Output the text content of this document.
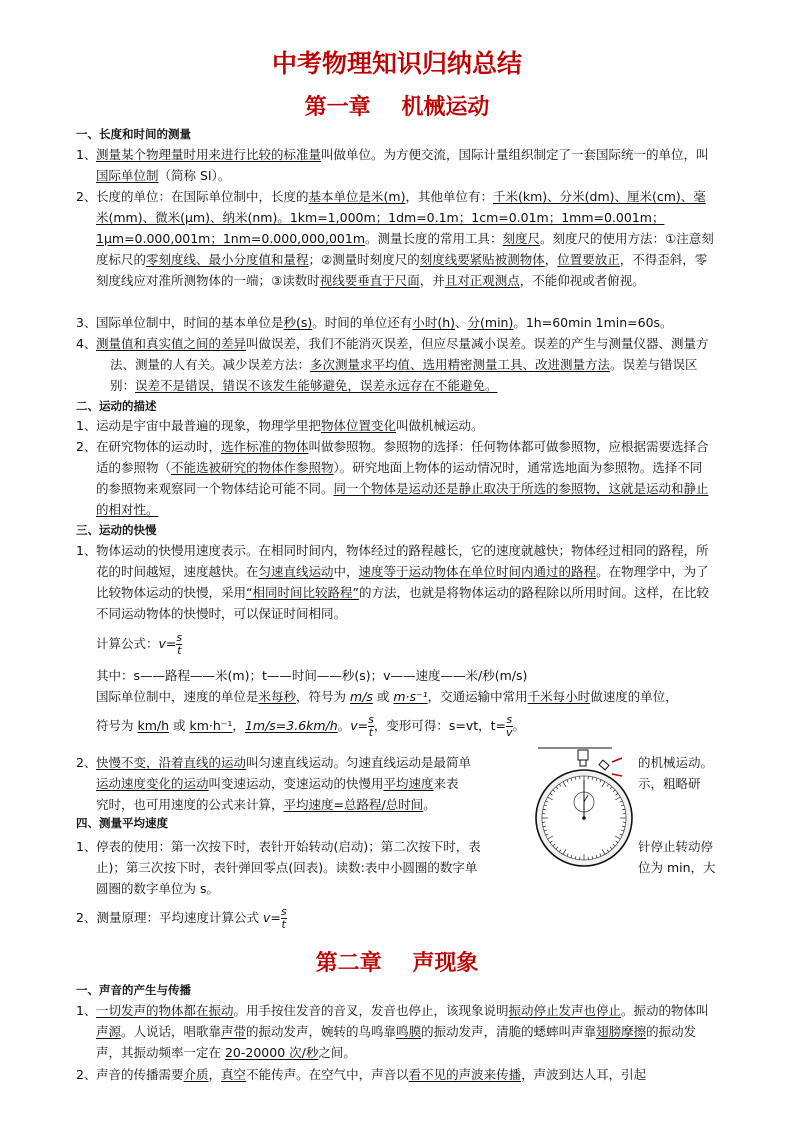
中考物理知识归纳总结
第一章 机械运动
一、长度和时间的测量
1、 测量某个物理量时用来进行比较的标准量叫做单位。为方便交流，国际计量组织制定了一套国际统一的单位，叫国际单位制（简称 SI）。
2、 长度的单位：在国际单位制中，长度的基本单位是米(m)，其他单位有：千米(km)、分米(dm)、厘米(cm)、毫米(mm)、微米(μm)、纳米(nm)。1km=1,000m；1dm=0.1m；1cm=0.01m；1mm=0.001m；1μm=0.000,001m；1nm=0.000,000,001m。测量长度的常用工具：刻度尺。刻度尺的使用方法：①注意刻度标尺的零刻度线、最小分度值和量程；②测量时刻度尺的刻度线要紧贴被测物体，位置要放正，不得歪斜，零刻度线应对准所测物体的一端；③读数时视线要垂直于尺面，并且对正观测点，不能仰视或者俯视。
3、 国际单位制中，时间的基本单位是秒(s)。时间的单位还有小时(h)、分(min)。1h=60min 1min=60s。
4、 测量值和真实值之间的差异叫做误差，我们不能消灭误差，但应尽量减小误差。误差的产生与测量仪器、测量方法、测量的人有关。减少误差方法：多次测量求平均值、选用精密测量工具、改进测量方法。误差与错误区别：误差不是错误，错误不该发生能够避免，误差永远存在不能避免。
二、运动的描述
1、 运动是宇宙中最普遍的现象，物理学里把物体位置变化叫做机械运动。
2、 在研究物体的运动时，选作标准的物体叫做参照物。参照物的选择：任何物体都可做参照物，应根据需要选择合适的参照物（不能选被研究的物体作参照物）。研究地面上物体的运动情况时，通常选地面为参照物。选择不同的参照物来观察同一个物体结论可能不同。同一个物体是运动还是静止取决于所选的参照物，这就是运动和静止的相对性。
三、运动的快慢
1、 物体运动的快慢用速度表示。在相同时间内，物体经过的路程越长，它的速度就越快；物体经过相同的路程，所花的时间越短，速度越快。在匀速直线运动中，速度等于运动物体在单位时间内通过的路程。在物理学中，为了比较物体运动的快慢，采用“相同时间比较路程”的方法，也就是将物体运动的路程除以所用时间。这样，在比较不同运动物体的快慢时，可以保证时间相同。
计算公式：$v= \frac{s}{t}$
其中：s——路程——米(m)；t——时间——秒(s)；v——速度——米/秒(m/s)
国际单位制中，速度的单位是米每秒，符号为 m/s 或 m·s⁻¹，交通运输中常用千米每小时做速度的单位，
符号为 km/h 或 km·h⁻¹，1m/s=3.6km/h。$v= \frac{s}{t}$ ，变形可得：s=vt，$t= \frac{s}{v}$ 。
2、 快慢不变，沿着直线的运动叫匀速直线运动。匀速直线运动是最简单
运动速度变化的运动叫变速运动，变速运动的快慢用平均速度来表
究时，也可用速度的公式来计算，平均速度=总路程/总时间。
的机械运动。
示，粗略研
四、测量平均速度
1、 停表的使用：第一次按下时，表针开始转动(启动)；第二次按下时，表
止)；第三次按下时，表针弹回零点(回表)。读数:表中小圆圈的数字单
圆圈的数字单位为 s。
针停止转动停
位为 min，大
2、测量原理：平均速度计算公式 $v= \frac{s}{t}$
第二章 声现象
一、声音的产生与传播
1、 一切发声的物体都在振动。用手按住发音的音叉，发音也停止，该现象说明振动停止发声也停止。振动的物体叫声源。人说话，唱歌靠声带的振动发声，婉转的鸟鸣靠鸣膜的振动发声，清脆的蟋蟀叫声靠翅膀摩擦的振动发声，其振动频率一定在 20-20000 次/秒之间。
2、 声音的传播需要介质，真空不能传声。在空气中，声音以看不见的声波来传播，声波到达人耳，引起
